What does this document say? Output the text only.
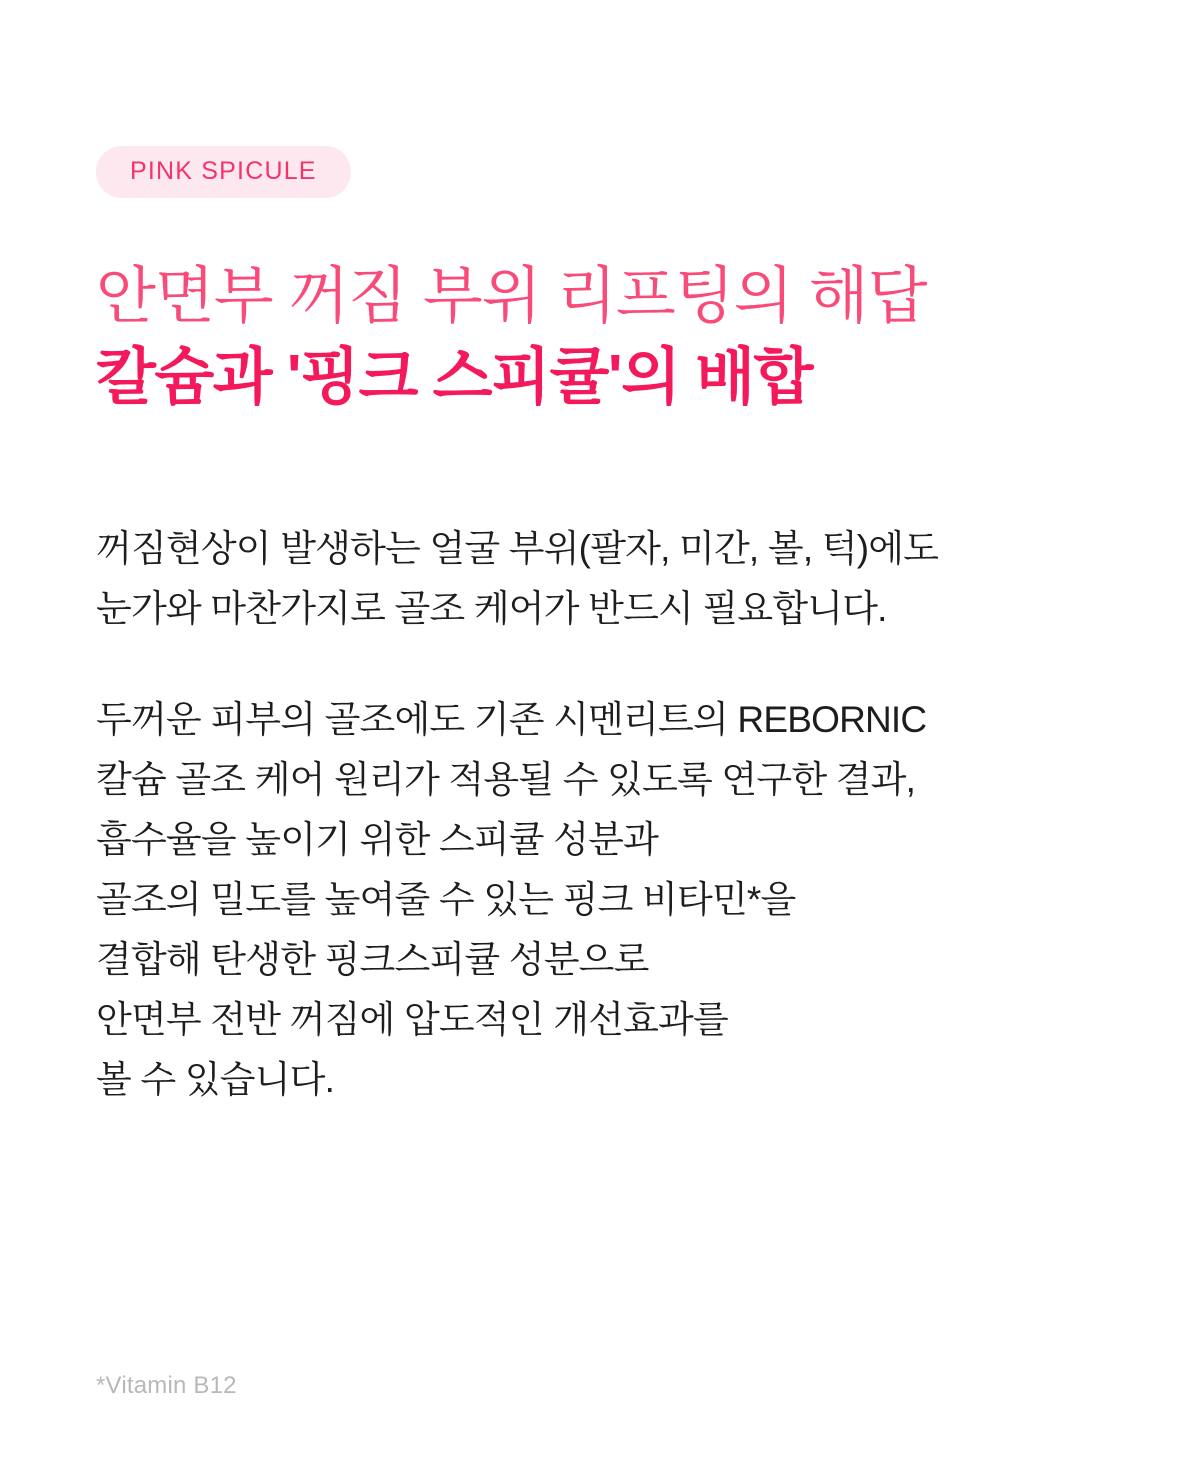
PINK SPICULE
안면부 꺼짐 부위 리프팅의 해답
칼슘과 '핑크 스피큘'의 배합

꺼짐현상이 발생하는 얼굴 부위(팔자, 미간, 볼, 턱)에도
눈가와 마찬가지로 골조 케어가 반드시 필요합니다.

두꺼운 피부의 골조에도 기존 시멘리트의 REBORNIC
칼슘 골조 케어 원리가 적용될 수 있도록 연구한 결과,
흡수율을 높이기 위한 스피큘 성분과
골조의 밀도를 높여줄 수 있는 핑크 비타민*을
결합해 탄생한 핑크스피큘 성분으로
안면부 전반 꺼짐에 압도적인 개선효과를
볼 수 있습니다.

*Vitamin B12
